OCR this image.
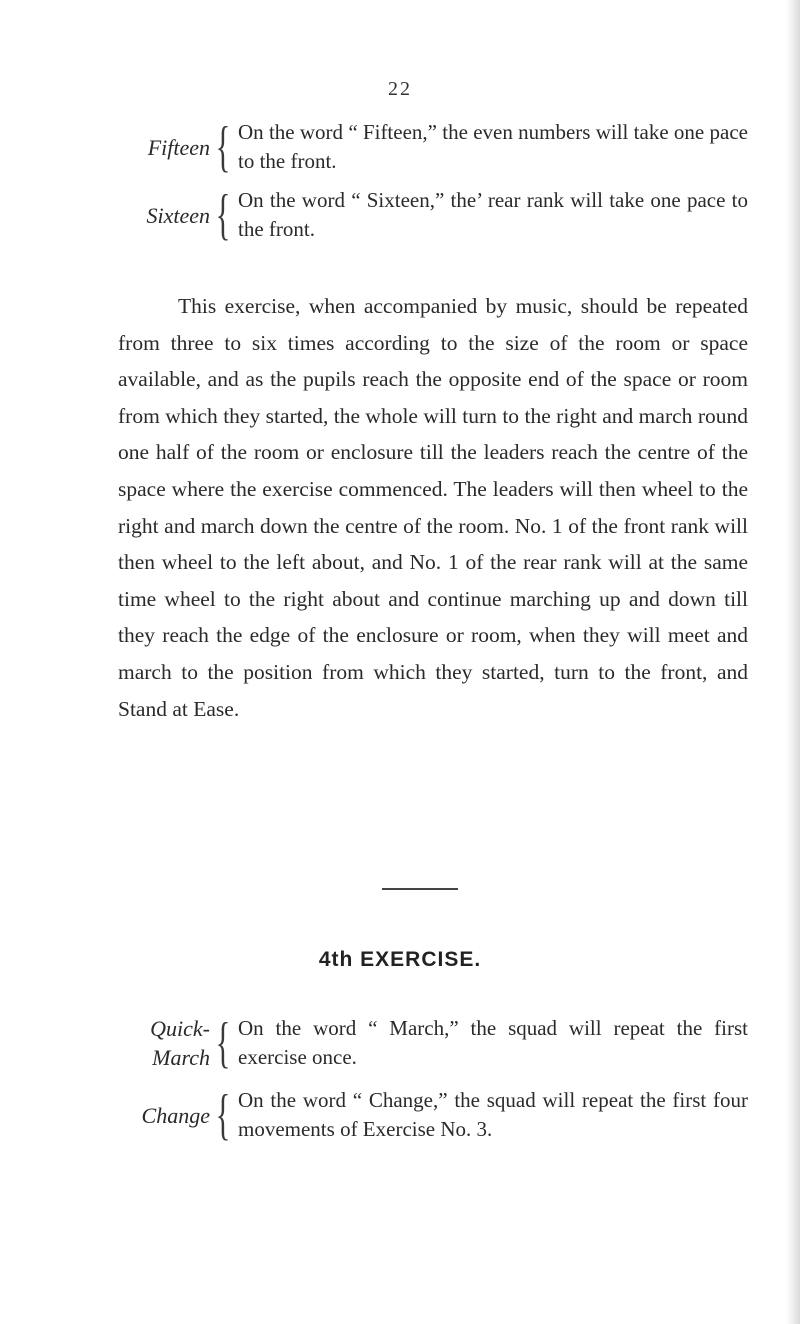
22
Fifteen { On the word “ Fifteen,” the even numbers will take one pace to the front.
Sixteen { On the word “ Sixteen,” the’ rear rank will take one pace to the front.

This exercise, when accompanied by music, should be repeated from three to six times according to the size of the room or space available, and as the pupils reach the opposite end of the space or room from which they started, the whole will turn to the right and march round one half of the room or enclosure till the leaders reach the centre of the space where the exercise commenced. The leaders will then wheel to the right and march down the centre of the room. No. 1 of the front rank will then wheel to the left about, and No. 1 of the rear rank will at the same time wheel to the right about and continue marching up and down till they reach the edge of the enclosure or room, when they will meet and march to the position from which they started, turn to the front, and Stand at Ease.

4th EXERCISE.
Quick-
March { On the word “ March,” the squad will repeat the first exercise once.
Change { On the word “ Change,” the squad will repeat the first four movements of Exercise No. 3.
